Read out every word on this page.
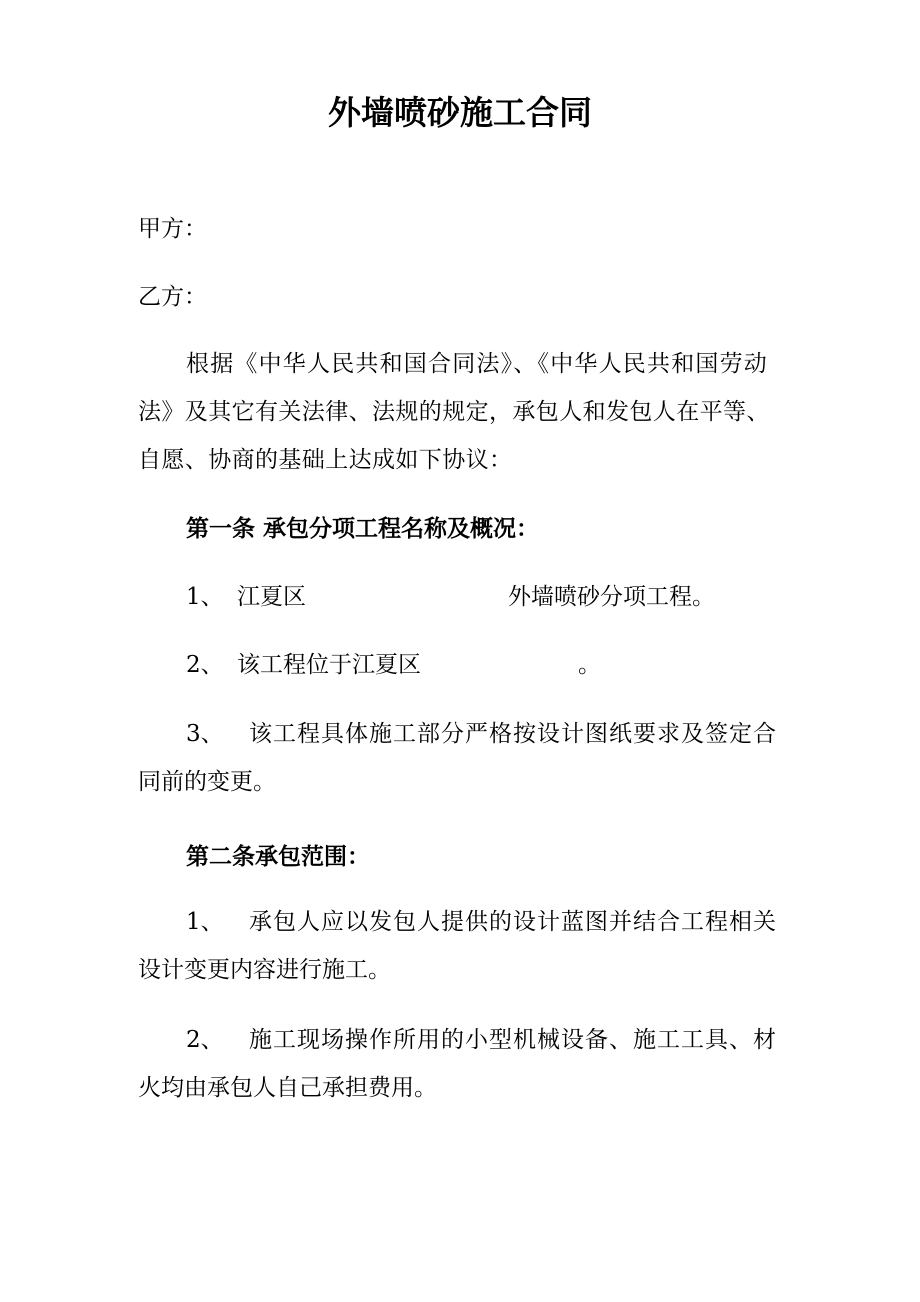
外墙喷砂施工合同
甲方：
乙方：
根据《中华人民共和国合同法》、《中华人民共和国劳动
法》及其它有关法律、法规的规定，承包人和发包人在平等、
自愿、协商的基础上达成如下协议：
第一条 承包分项工程名称及概况：
1、 江夏区	外墙喷砂分项工程。
2、 该工程位于江夏区	。
3、 该工程具体施工部分严格按设计图纸要求及签定合
同前的变更。
第二条承包范围：
1、 承包人应以发包人提供的设计蓝图并结合工程相关
设计变更内容进行施工。
2、 施工现场操作所用的小型机械设备、施工工具、材
火均由承包人自己承担费用。
